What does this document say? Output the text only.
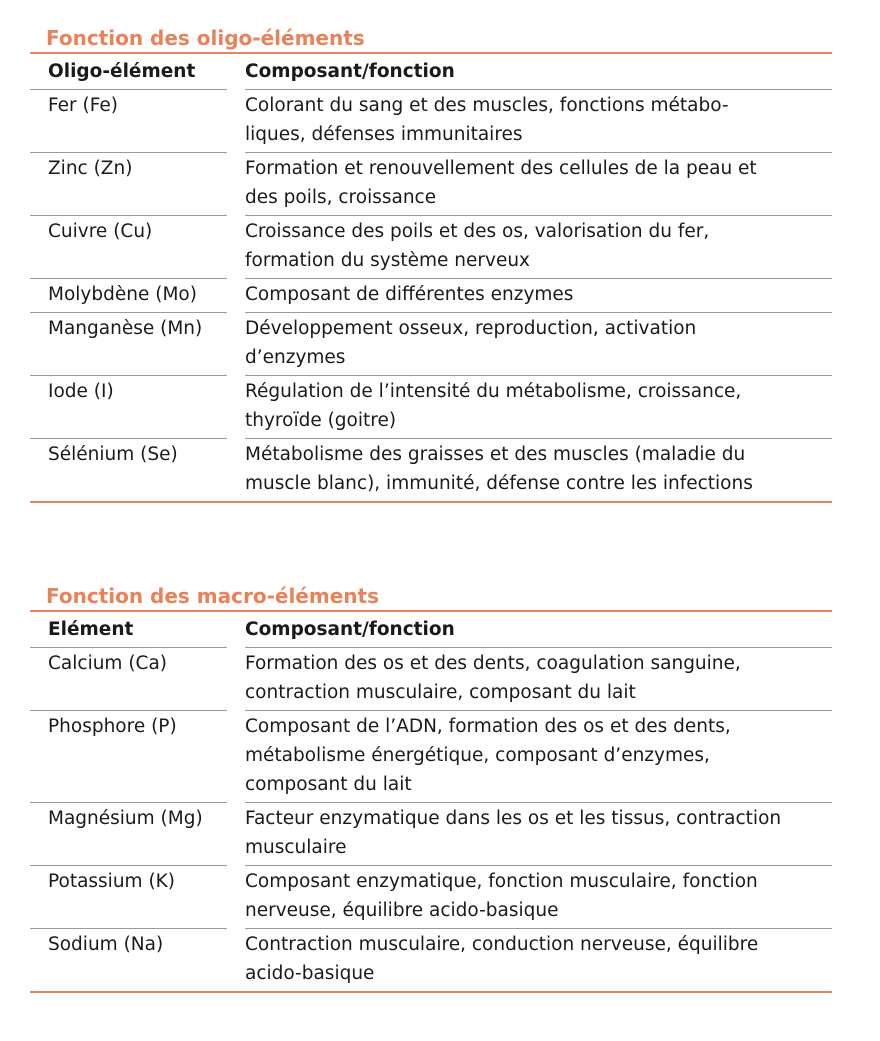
Fonction des oligo-éléments
Oligo-élément	Composant/fonction
Fer (Fe)	Colorant du sang et des muscles, fonctions métabo-
liques, défenses immunitaires
Zinc (Zn)	Formation et renouvellement des cellules de la peau et
des poils, croissance
Cuivre (Cu)	Croissance des poils et des os, valorisation du fer,
formation du système nerveux
Molybdène (Mo)	Composant de différentes enzymes
Manganèse (Mn)	Développement osseux, reproduction, activation
d’enzymes
Iode (I)	Régulation de l’intensité du métabolisme, croissance,
thyroïde (goitre)
Sélénium (Se)	Métabolisme des graisses et des muscles (maladie du
muscle blanc), immunité, défense contre les infections
Fonction des macro-éléments
Elément	Composant/fonction
Calcium (Ca)	Formation des os et des dents, coagulation sanguine,
contraction musculaire, composant du lait
Phosphore (P)	Composant de l’ADN, formation des os et des dents,
métabolisme énergétique, composant d’enzymes,
composant du lait
Magnésium (Mg)	Facteur enzymatique dans les os et les tissus, contraction
musculaire
Potassium (K)	Composant enzymatique, fonction musculaire, fonction
nerveuse, équilibre acido-basique
Sodium (Na)	Contraction musculaire, conduction nerveuse, équilibre
acido-basique
